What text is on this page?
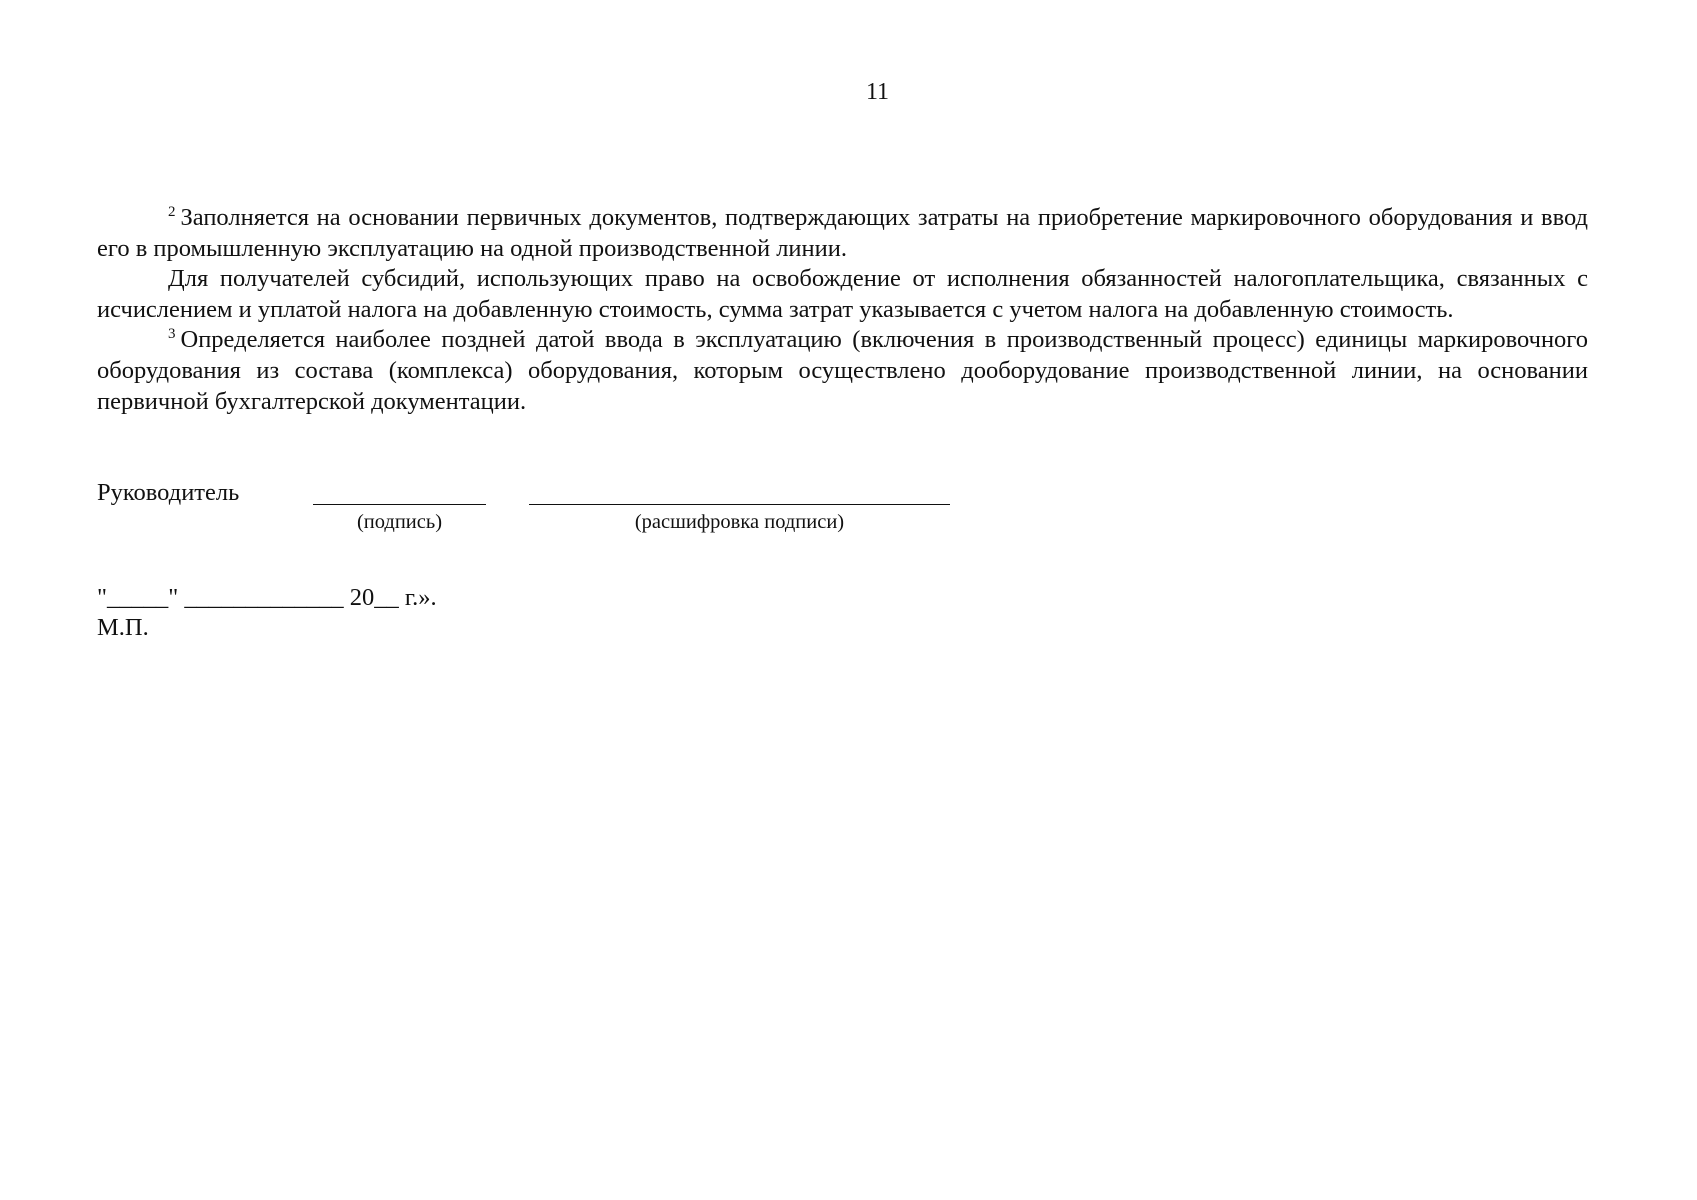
11

$^2$ Заполняется на основании первичных документов, подтверждающих затраты на приобретение маркировочного оборудования и ввод его в промышленную эксплуатацию на одной производственной линии.

Для получателей субсидий, использующих право на освобождение от исполнения обязанностей налогоплательщика, связанных с исчислением и уплатой налога на добавленную стоимость, сумма затрат указывается с учетом налога на добавленную стоимость.

$^3$ Определяется наиболее поздней датой ввода в эксплуатацию (включения в производственный процесс) единицы маркировочного оборудования из состава (комплекса) оборудования, которым осуществлено дооборудование производственной линии, на основании первичной бухгалтерской документации.

Руководитель
(подпись)	(расшифровка подписи)
"_____" _____________ 20__ г.».
М.П.
